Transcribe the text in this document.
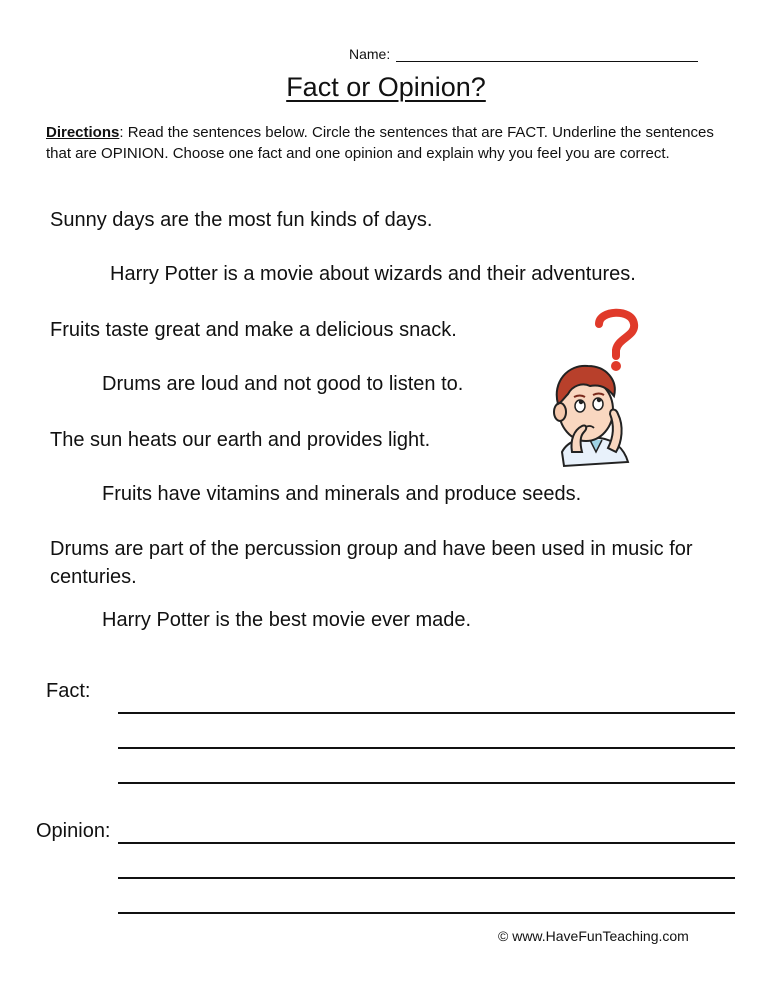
Name:
Fact or Opinion?
Directions: Read the sentences below. Circle the sentences that are FACT. Underline the sentences that are OPINION. Choose one fact and one opinion and explain why you feel you are correct.
Sunny days are the most fun kinds of days.
Harry Potter is a movie about wizards and their adventures.
Fruits taste great and make a delicious snack.
Drums are loud and not good to listen to.
The sun heats our earth and provides light.
Fruits have vitamins and minerals and produce seeds.
Drums are part of the percussion group and have been used in music for centuries.
Harry Potter is the best movie ever made.
Fact:
Opinion:
© www.HaveFunTeaching.com
